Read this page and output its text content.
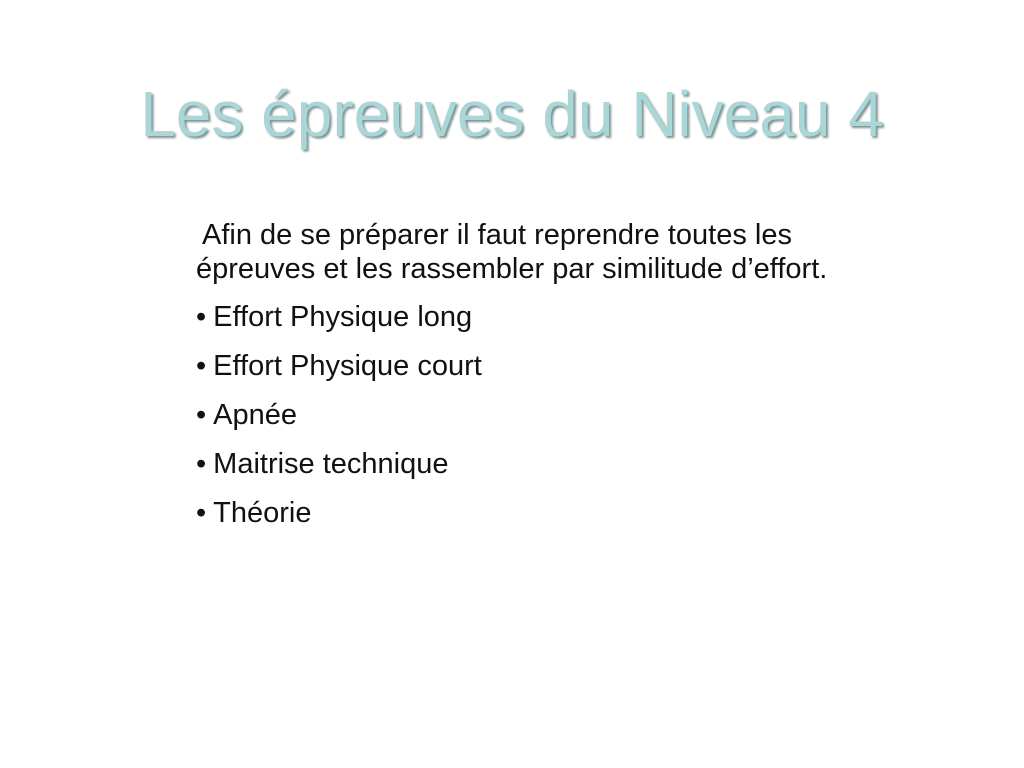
Les épreuves du Niveau 4

Afin de se préparer il faut reprendre toutes les épreuves et les rassembler par similitude d’effort.

• Effort Physique long
• Effort Physique court
• Apnée
• Maitrise technique
• Théorie
